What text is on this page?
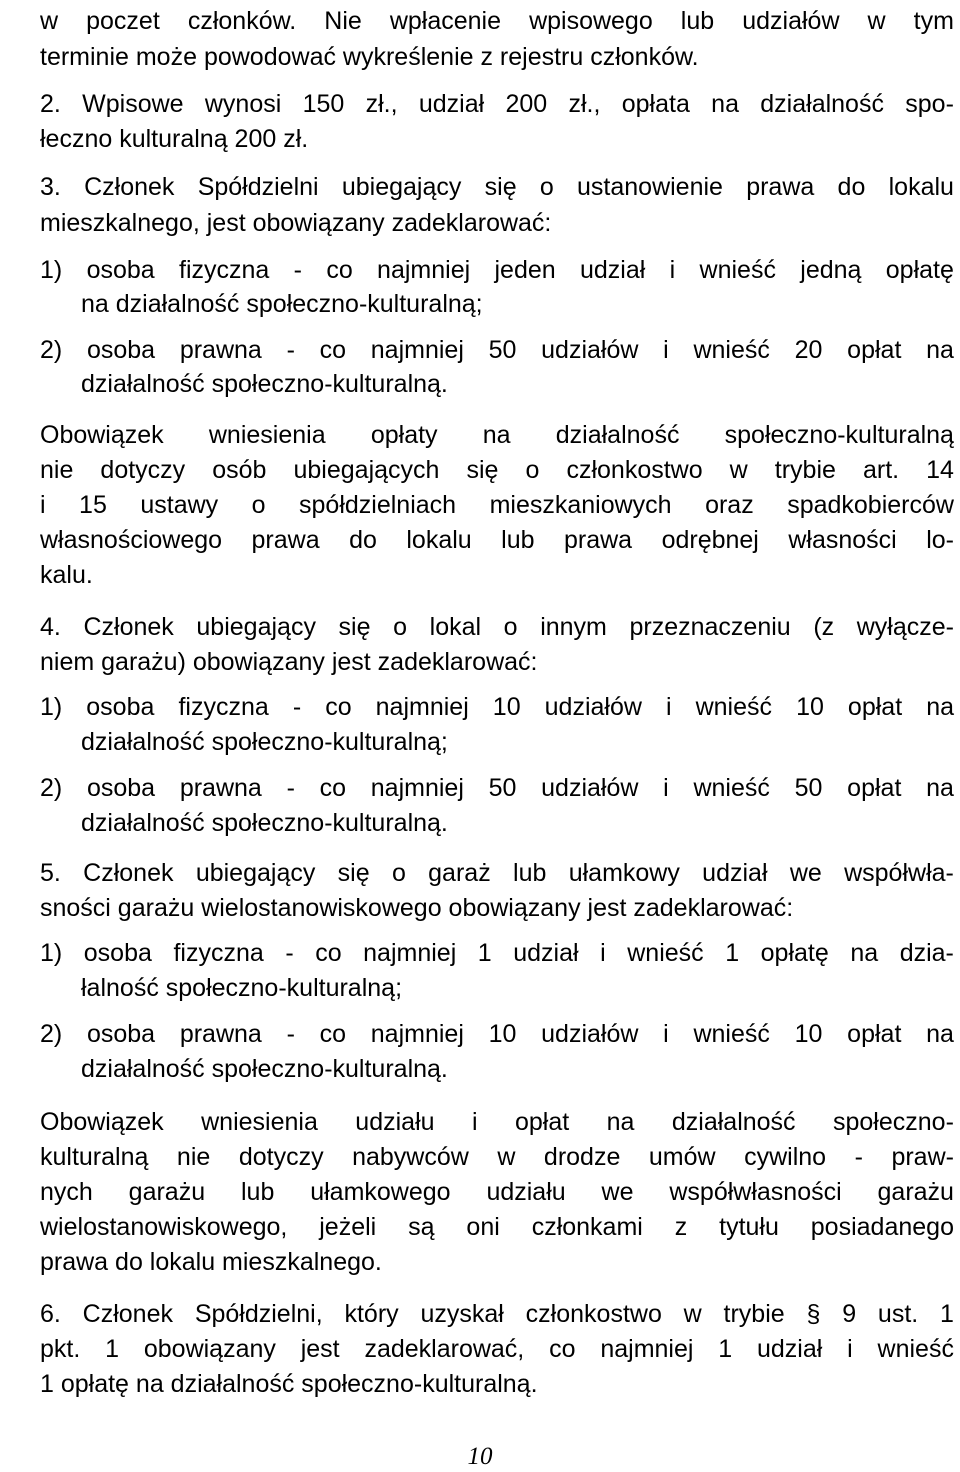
w poczet członków. Nie wpłacenie wpisowego lub udziałów w tym
terminie może powodować wykreślenie z rejestru członków.
2. Wpisowe wynosi 150 zł., udział 200 zł., opłata na działalność spo-
łeczno kulturalną 200 zł.
3. Członek Spółdzielni ubiegający się o ustanowienie prawa do lokalu
mieszkalnego, jest obowiązany zadeklarować:
1) osoba fizyczna - co najmniej jeden udział i wnieść jedną opłatę
na działalność społeczno-kulturalną;
2) osoba prawna - co najmniej 50 udziałów i wnieść 20 opłat na
działalność społeczno-kulturalną.
Obowiązek wniesienia opłaty na działalność społeczno-kulturalną
nie dotyczy osób ubiegających się o członkostwo w trybie art. 14
i 15 ustawy o spółdzielniach mieszkaniowych oraz spadkobierców
własnościowego prawa do lokalu lub prawa odrębnej własności lo-
kalu.
4. Członek ubiegający się o lokal o innym przeznaczeniu (z wyłącze-
niem garażu) obowiązany jest zadeklarować:
1) osoba fizyczna - co najmniej 10 udziałów i wnieść 10 opłat na
działalność społeczno-kulturalną;
2) osoba prawna - co najmniej 50 udziałów i wnieść 50 opłat na
działalność społeczno-kulturalną.
5. Członek ubiegający się o garaż lub ułamkowy udział we współwła-
sności garażu wielostanowiskowego obowiązany jest zadeklarować:
1) osoba fizyczna - co najmniej 1 udział i wnieść 1 opłatę na dzia-
łalność społeczno-kulturalną;
2) osoba prawna - co najmniej 10 udziałów i wnieść 10 opłat na
działalność społeczno-kulturalną.
Obowiązek wniesienia udziału i opłat na działalność społeczno-
kulturalną nie dotyczy nabywców w drodze umów cywilno - praw-
nych garażu lub ułamkowego udziału we współwłasności garażu
wielostanowiskowego, jeżeli są oni członkami z tytułu posiadanego
prawa do lokalu mieszkalnego.
6. Członek Spółdzielni, który uzyskał członkostwo w trybie § 9 ust. 1
pkt. 1 obowiązany jest zadeklarować, co najmniej 1 udział i wnieść
1 opłatę na działalność społeczno-kulturalną.
10
